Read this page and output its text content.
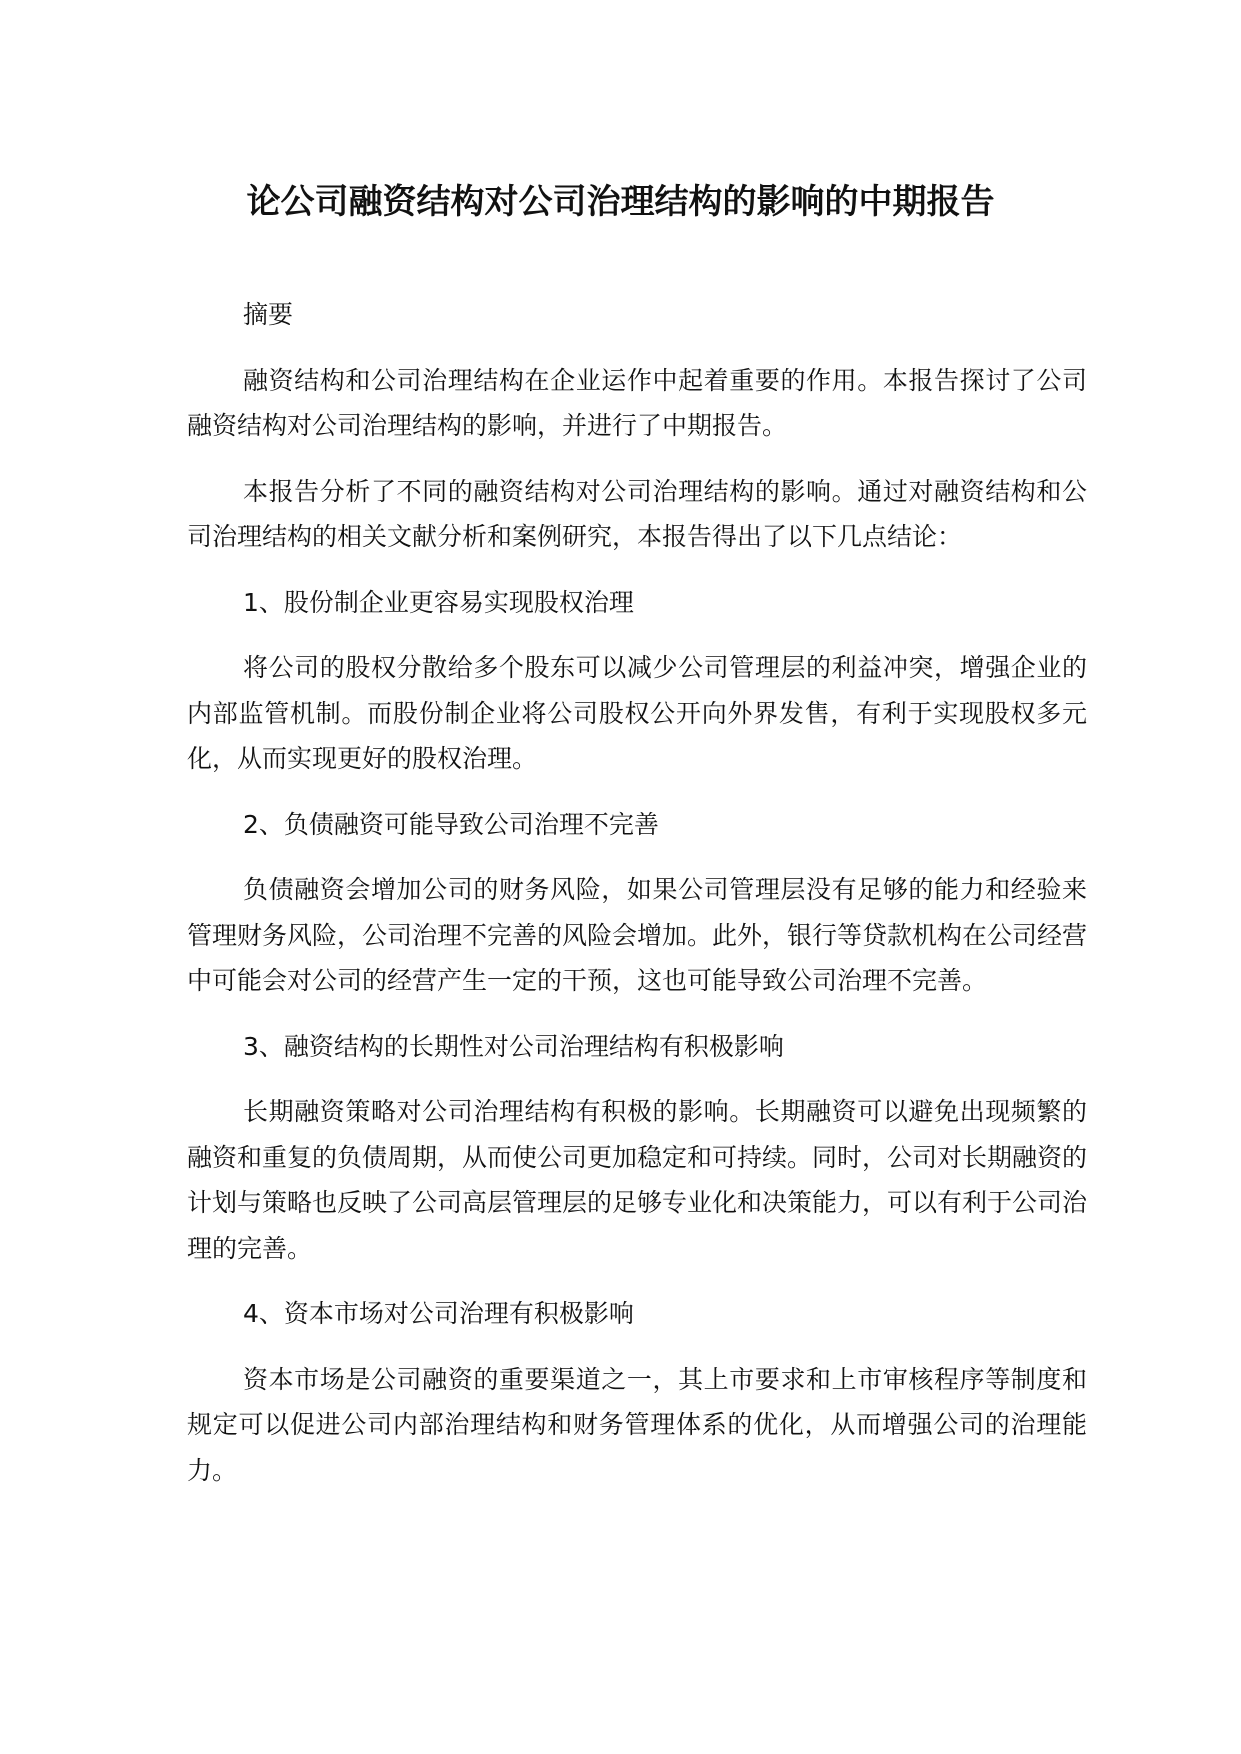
论公司融资结构对公司治理结构的影响的中期报告

摘要

融资结构和公司治理结构在企业运作中起着重要的作用。本报告探讨了公司融资结构对公司治理结构的影响，并进行了中期报告。

本报告分析了不同的融资结构对公司治理结构的影响。通过对融资结构和公司治理结构的相关文献分析和案例研究，本报告得出了以下几点结论：

1、股份制企业更容易实现股权治理

将公司的股权分散给多个股东可以减少公司管理层的利益冲突，增强企业的内部监管机制。而股份制企业将公司股权公开向外界发售，有利于实现股权多元化，从而实现更好的股权治理。

2、负债融资可能导致公司治理不完善

负债融资会增加公司的财务风险，如果公司管理层没有足够的能力和经验来管理财务风险，公司治理不完善的风险会增加。此外，银行等贷款机构在公司经营中可能会对公司的经营产生一定的干预，这也可能导致公司治理不完善。

3、融资结构的长期性对公司治理结构有积极影响

长期融资策略对公司治理结构有积极的影响。长期融资可以避免出现频繁的融资和重复的负债周期，从而使公司更加稳定和可持续。同时，公司对长期融资的计划与策略也反映了公司高层管理层的足够专业化和决策能力，可以有利于公司治理的完善。

4、资本市场对公司治理有积极影响

资本市场是公司融资的重要渠道之一，其上市要求和上市审核程序等制度和规定可以促进公司内部治理结构和财务管理体系的优化，从而增强公司的治理能力。
